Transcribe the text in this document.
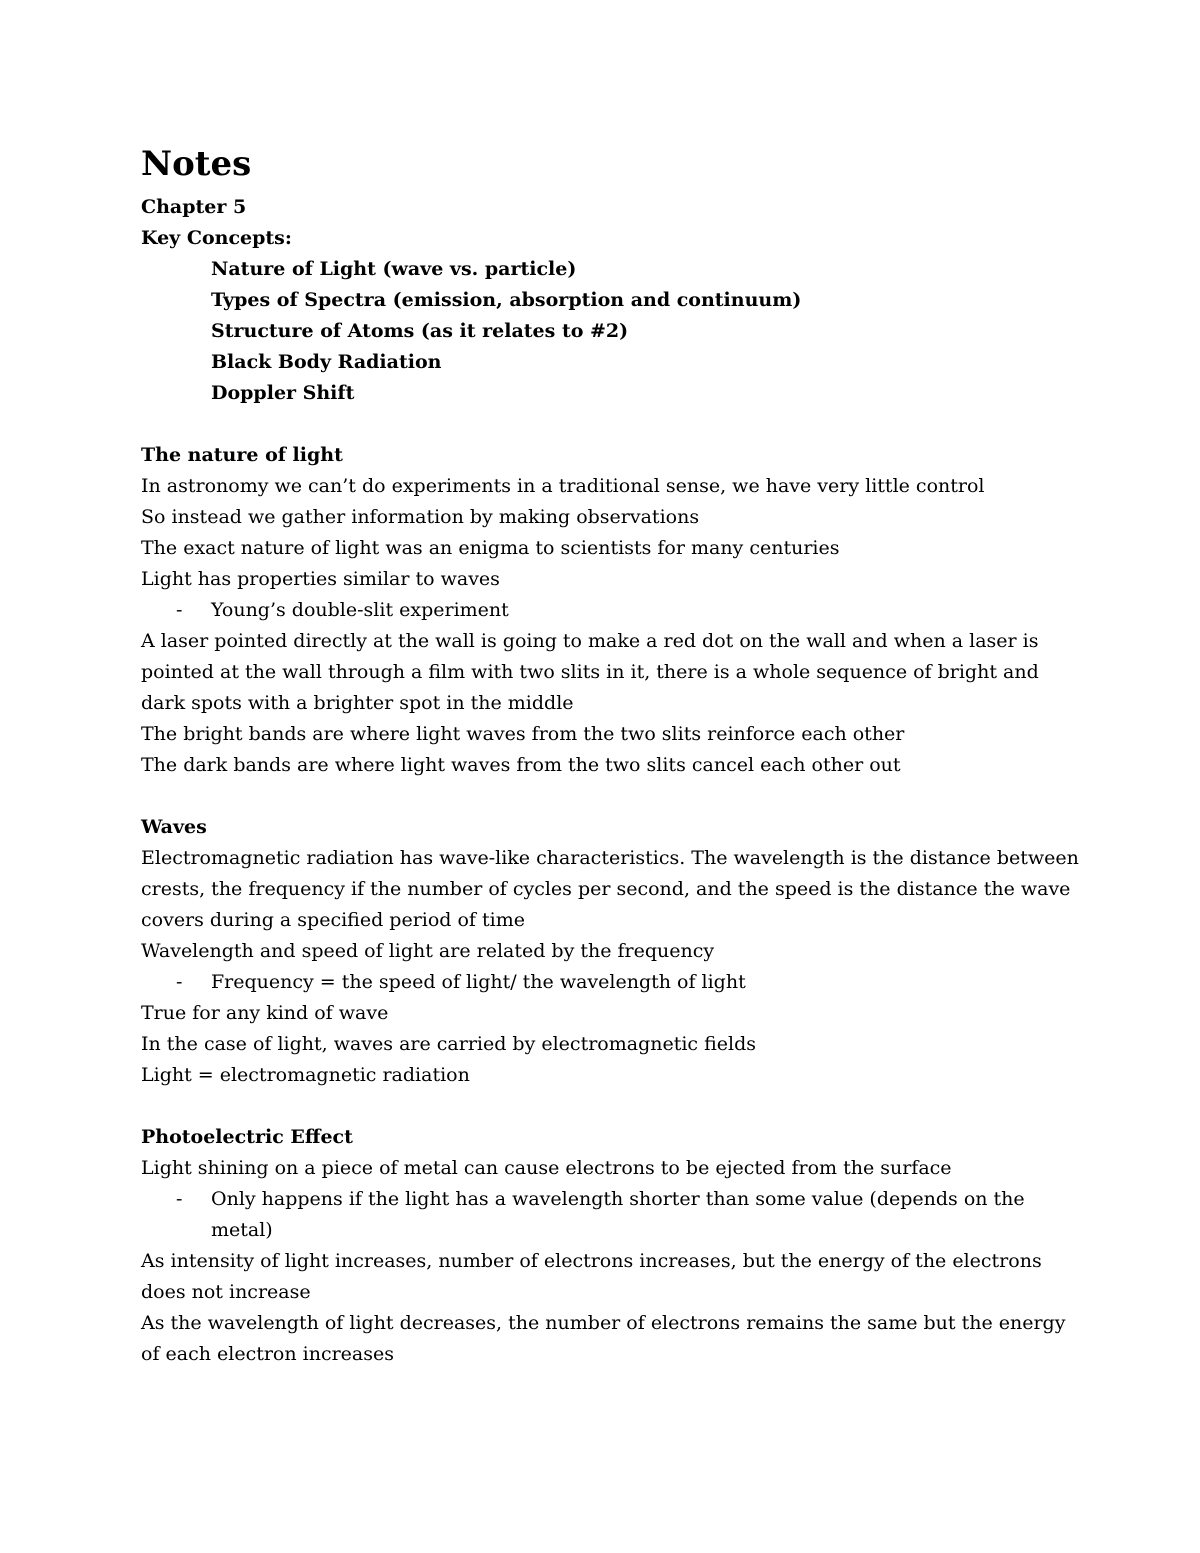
Notes

Chapter 5

Key Concepts:

Nature of Light (wave vs. particle)

Types of Spectra (emission, absorption and continuum)

Structure of Atoms (as it relates to #2)

Black Body Radiation

Doppler Shift

The nature of light

In astronomy we can’t do experiments in a traditional sense, we have very little control

So instead we gather information by making observations

The exact nature of light was an enigma to scientists for many centuries

Light has properties similar to waves

-	Young’s double-slit experiment

A laser pointed directly at the wall is going to make a red dot on the wall and when a laser is pointed at the wall through a film with two slits in it, there is a whole sequence of bright and dark spots with a brighter spot in the middle

The bright bands are where light waves from the two slits reinforce each other

The dark bands are where light waves from the two slits cancel each other out

Waves

Electromagnetic radiation has wave-like characteristics. The wavelength is the distance between crests, the frequency if the number of cycles per second, and the speed is the distance the wave covers during a specified period of time

Wavelength and speed of light are related by the frequency

-	Frequency = the speed of light/ the wavelength of light

True for any kind of wave

In the case of light, waves are carried by electromagnetic fields

Light = electromagnetic radiation

Photoelectric Effect

Light shining on a piece of metal can cause electrons to be ejected from the surface

-	Only happens if the light has a wavelength shorter than some value (depends on the metal)

As intensity of light increases, number of electrons increases, but the energy of the electrons does not increase

As the wavelength of light decreases, the number of electrons remains the same but the energy of each electron increases
